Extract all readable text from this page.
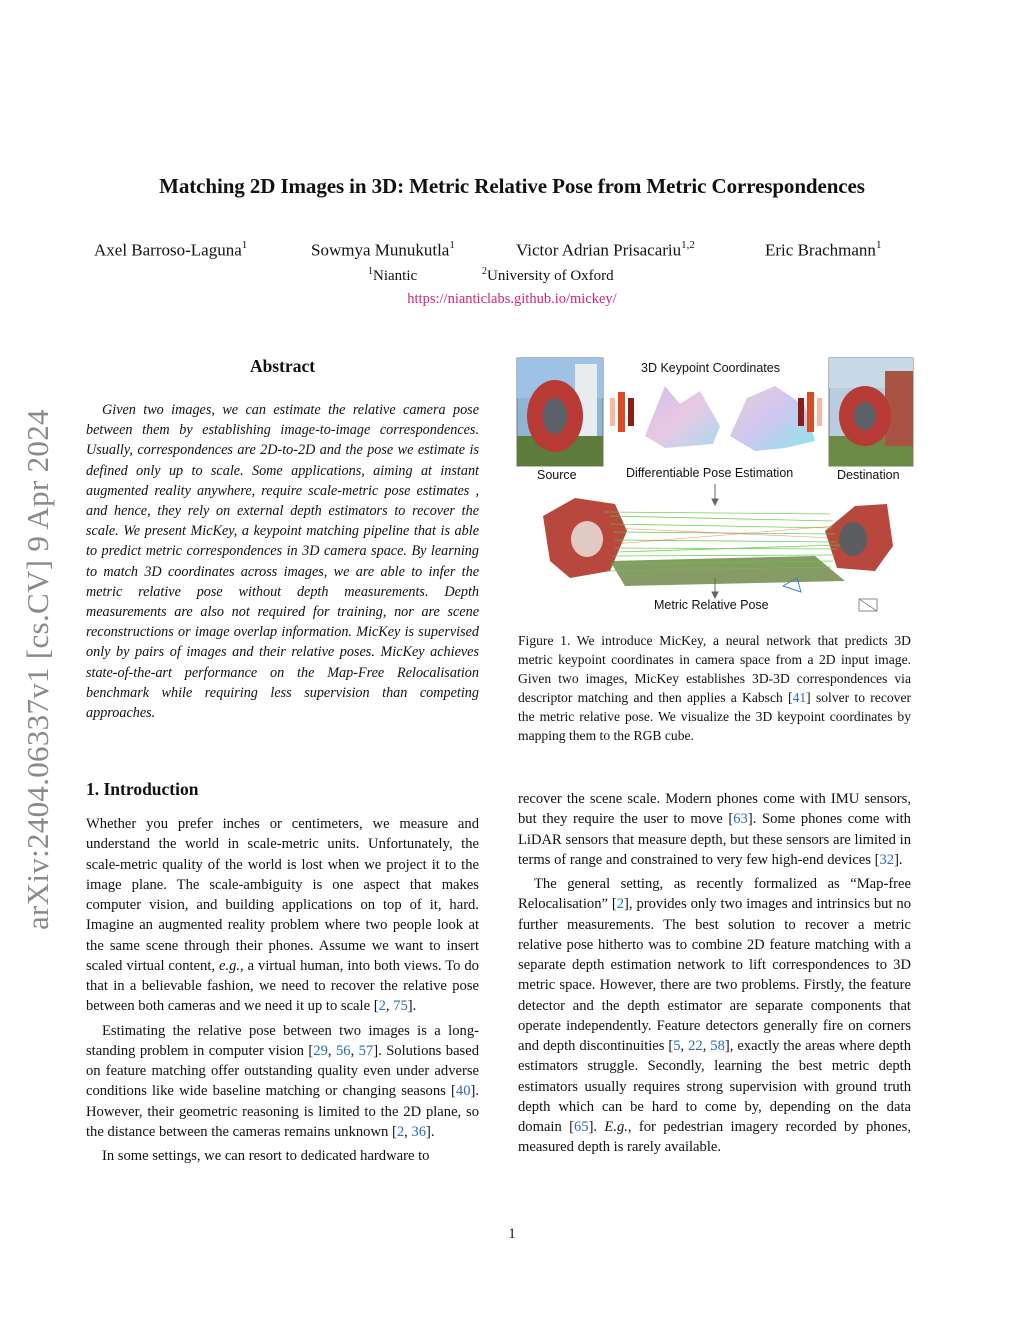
arXiv:2404.06337v1 [cs.CV] 9 Apr 2024
Matching 2D Images in 3D: Metric Relative Pose from Metric Correspondences
Axel Barroso-Laguna$^1$	Sowmya Munukutla$^1$	Victor Adrian Prisacariu$^{1,2}$	Eric Brachmann$^1$
$^1$Niantic	$^2$University of Oxford
https://nianticlabs.github.io/mickey/
Abstract
Given two images, we can estimate the relative camera pose between them by establishing image-to-image correspondences. Usually, correspondences are 2D-to-2D and the pose we estimate is defined only up to scale. Some applications, aiming at instant augmented reality anywhere, require scale-metric pose estimates , and hence, they rely on external depth estimators to recover the scale. We present MicKey, a keypoint matching pipeline that is able to predict metric correspondences in 3D camera space. By learning to match 3D coordinates across images, we are able to infer the metric relative pose without depth measurements. Depth measurements are also not required for training, nor are scene reconstructions or image overlap information. MicKey is supervised only by pairs of images and their relative poses. MicKey achieves state-of-the-art performance on the Map-Free Relocalisation benchmark while requiring less supervision than competing approaches.
3D Keypoint Coordinates
Source	Differentiable Pose Estimation	Destination
Metric Relative Pose
Figure 1. We introduce MicKey, a neural network that predicts 3D metric keypoint coordinates in camera space from a 2D input image. Given two images, MicKey establishes 3D-3D correspondences via descriptor matching and then applies a Kabsch [41] solver to recover the metric relative pose. We visualize the 3D keypoint coordinates by mapping them to the RGB cube.
1. Introduction

Whether you prefer inches or centimeters, we measure and understand the world in scale-metric units. Unfortunately, the scale-metric quality of the world is lost when we project it to the image plane. The scale-ambiguity is one aspect that makes computer vision, and building applications on top of it, hard. Imagine an augmented reality problem where two people look at the same scene through their phones. Assume we want to insert scaled virtual content, e.g., a virtual human, into both views. To do that in a believable fashion, we need to recover the relative pose between both cameras and we need it up to scale [2, 75].

Estimating the relative pose between two images is a long-standing problem in computer vision [29, 56, 57]. Solutions based on feature matching offer outstanding quality even under adverse conditions like wide baseline matching or changing seasons [40]. However, their geometric reasoning is limited to the 2D plane, so the distance between the cameras remains unknown [2, 36].

In some settings, we can resort to dedicated hardware to

recover the scene scale. Modern phones come with IMU sensors, but they require the user to move [63]. Some phones come with LiDAR sensors that measure depth, but these sensors are limited in terms of range and constrained to very few high-end devices [32].

The general setting, as recently formalized as “Map-free Relocalisation” [2], provides only two images and intrinsics but no further measurements. The best solution to recover a metric relative pose hitherto was to combine 2D feature matching with a separate depth estimation network to lift correspondences to 3D metric space. However, there are two problems. Firstly, the feature detector and the depth estimator are separate components that operate independently. Feature detectors generally fire on corners and depth discontinuities [5, 22, 58], exactly the areas where depth estimators struggle. Secondly, learning the best metric depth estimators usually requires strong supervision with ground truth depth which can be hard to come by, depending on the data domain [65]. E.g., for pedestrian imagery recorded by phones, measured depth is rarely available.

1
